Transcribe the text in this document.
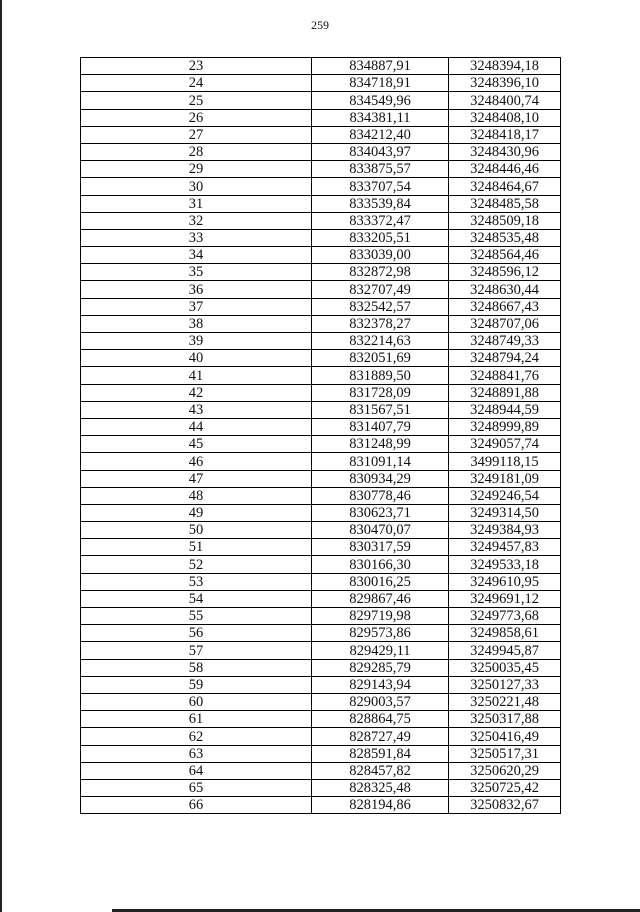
259
23	834887,91	3248394,18
24	834718,91	3248396,10
25	834549,96	3248400,74
26	834381,11	3248408,10
27	834212,40	3248418,17
28	834043,97	3248430,96
29	833875,57	3248446,46
30	833707,54	3248464,67
31	833539,84	3248485,58
32	833372,47	3248509,18
33	833205,51	3248535,48
34	833039,00	3248564,46
35	832872,98	3248596,12
36	832707,49	3248630,44
37	832542,57	3248667,43
38	832378,27	3248707,06
39	832214,63	3248749,33
40	832051,69	3248794,24
41	831889,50	3248841,76
42	831728,09	3248891,88
43	831567,51	3248944,59
44	831407,79	3248999,89
45	831248,99	3249057,74
46	831091,14	3499118,15
47	830934,29	3249181,09
48	830778,46	3249246,54
49	830623,71	3249314,50
50	830470,07	3249384,93
51	830317,59	3249457,83
52	830166,30	3249533,18
53	830016,25	3249610,95
54	829867,46	3249691,12
55	829719,98	3249773,68
56	829573,86	3249858,61
57	829429,11	3249945,87
58	829285,79	3250035,45
59	829143,94	3250127,33
60	829003,57	3250221,48
61	828864,75	3250317,88
62	828727,49	3250416,49
63	828591,84	3250517,31
64	828457,82	3250620,29
65	828325,48	3250725,42
66	828194,86	3250832,67
